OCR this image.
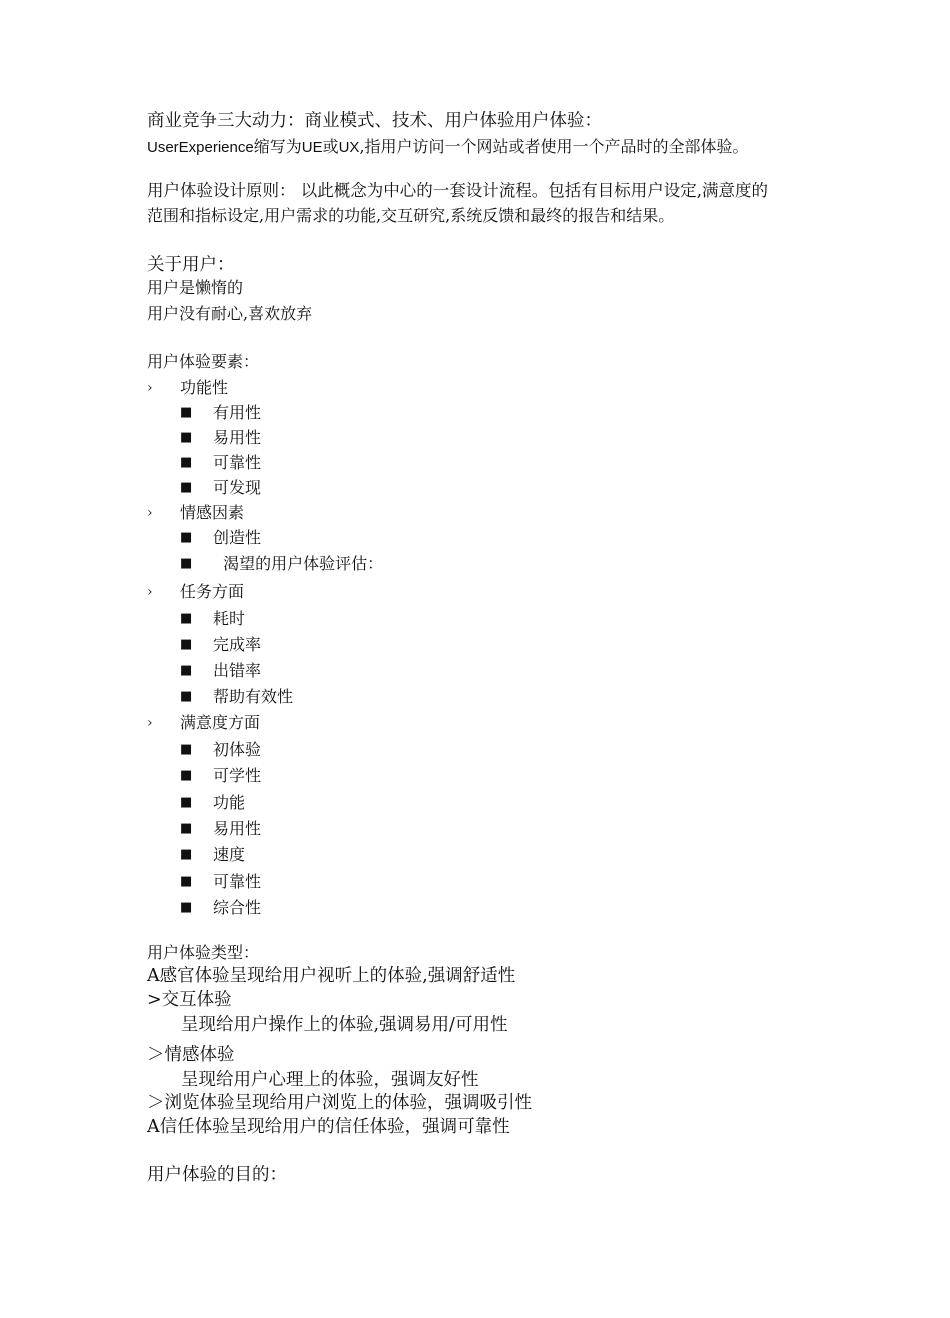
商业竞争三大动力：商业模式、技术、用户体验用户体验：
UserExperience缩写为UE或UX,指用户访问一个网站或者使用一个产品时的全部体验。
用户体验设计原则： 以此概念为中心的一套设计流程。包括有目标用户设定,满意度的
范围和指标设定,用户需求的功能,交互研究,系统反馈和最终的报告和结果。
关于用户：
用户是懒惰的
用户没有耐心,喜欢放弃
用户体验要素：
› 功能性
■ 有用性
■ 易用性
■ 可靠性
■ 可发现
› 情感因素
■ 创造性
■ 渴望的用户体验评估：
› 任务方面
■ 耗时
■ 完成率
■ 出错率
■ 帮助有效性
› 满意度方面
■ 初体验
■ 可学性
■ 功能
■ 易用性
■ 速度
■ 可靠性
■ 综合性
用户体验类型：
A感官体验呈现给用户视听上的体验,强调舒适性
>交互体验
呈现给用户操作上的体验,强调易用/可用性
＞情感体验
呈现给用户心理上的体验，强调友好性
＞浏览体验呈现给用户浏览上的体验，强调吸引性
A信任体验呈现给用户的信任体验，强调可靠性
用户体验的目的：
